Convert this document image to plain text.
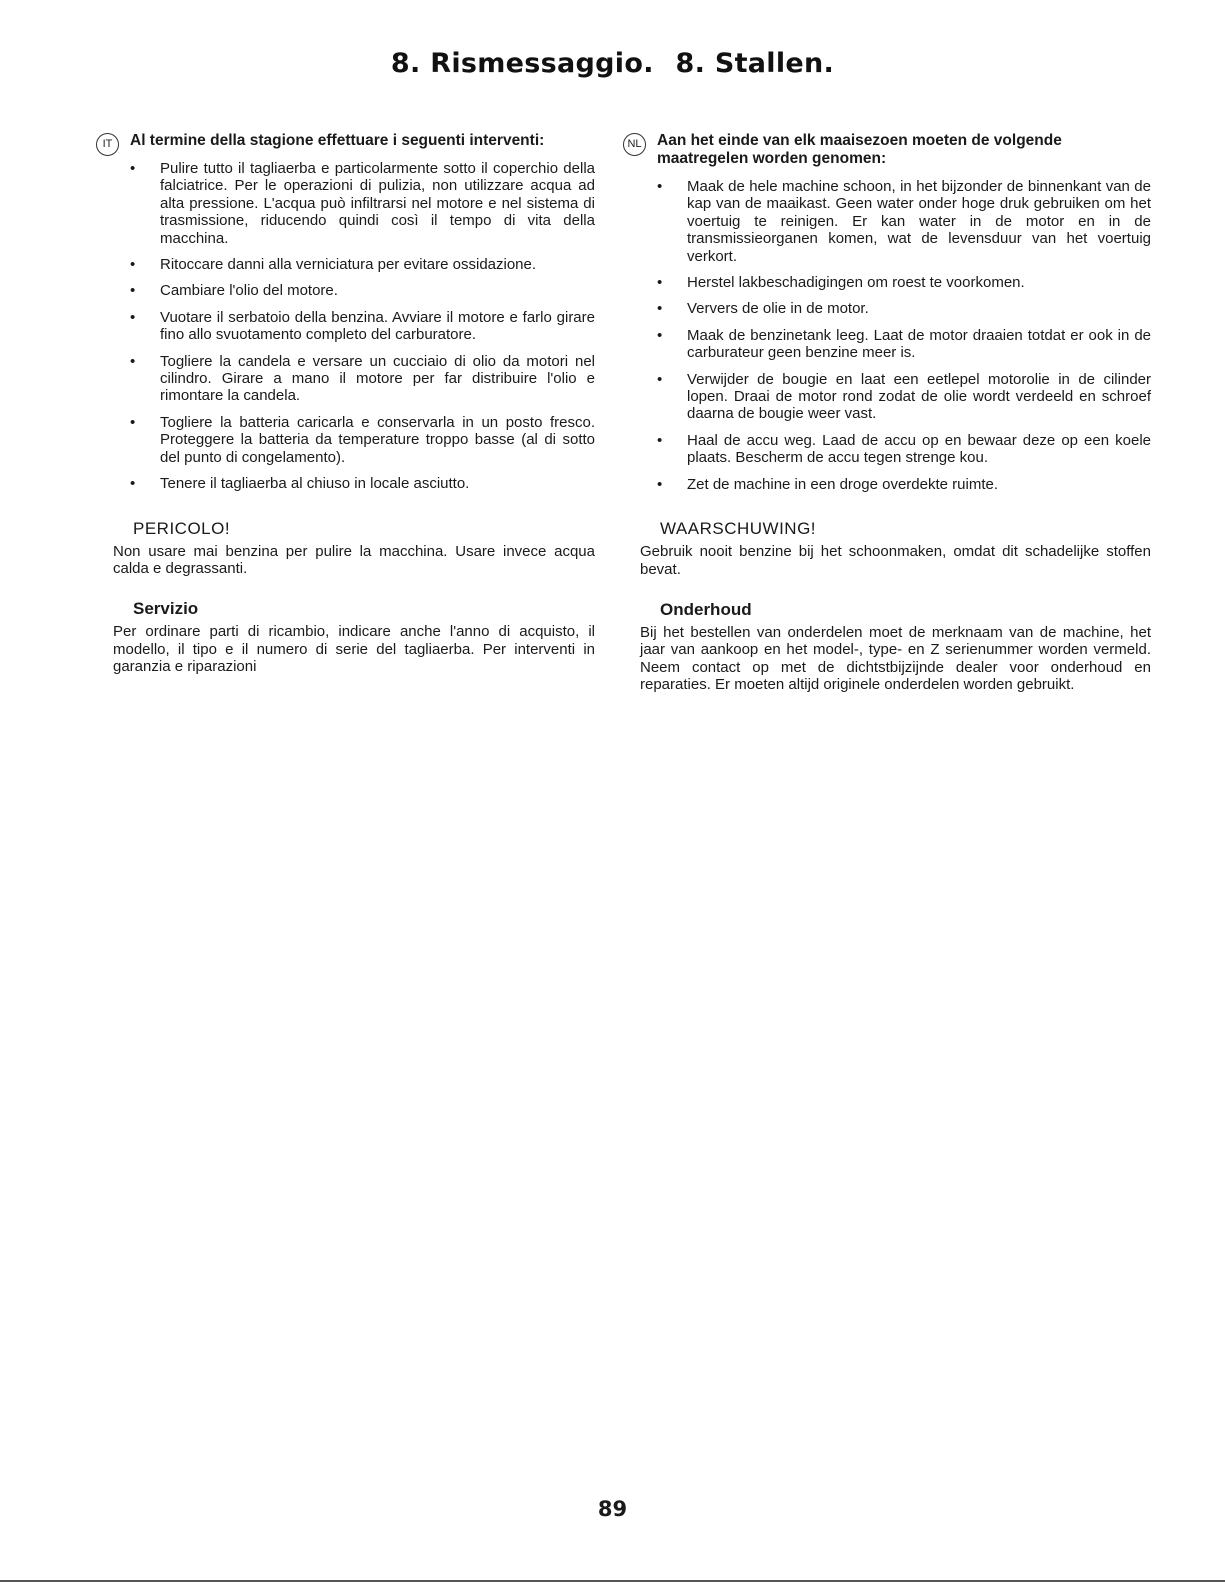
8. Rismessaggio. 8. Stallen.
IT	Al termine della stagione effettuare i seguenti interventi:
• Pulire tutto il tagliaerba e particolarmente sotto il coperchio della falciatrice. Per le operazioni di pulizia, non utilizzare acqua ad alta pressione. L'acqua può infiltrarsi nel motore e nel sistema di trasmissione, riducendo quindi così il tempo di vita della macchina.
• Ritoccare danni alla verniciatura per evitare ossidazione.
• Cambiare l'olio del motore.
• Vuotare il serbatoio della benzina. Avviare il motore e farlo girare fino allo svuotamento completo del carburatore.
• Togliere la candela e versare un cucciaio di olio da motori nel cilindro. Girare a mano il motore per far distribuire l'olio e rimontare la candela.
• Togliere la batteria caricarla e conservarla in un posto fresco. Proteggere la batteria da temperature troppo basse (al di sotto del punto di congelamento).
• Tenere il tagliaerba al chiuso in locale asciutto.
PERICOLO!

Non usare mai benzina per pulire la macchina. Usare invece acqua calda e degrassanti.

Servizio

Per ordinare parti di ricambio, indicare anche l'anno di acquisto, il modello, il tipo e il numero di serie del tagliaerba. Per interventi in garanzia e riparazioni

NL Aan het einde van elk maaisezoen moeten de volgende maatregelen worden genomen:
• Maak de hele machine schoon, in het bijzonder de binnenkant van de kap van de maaikast. Geen water onder hoge druk gebruiken om het voertuig te reinigen. Er kan water in de motor en in de transmissieorganen komen, wat de levensduur van het voertuig verkort.
• Herstel lakbeschadigingen om roest te voorkomen.
• Ververs de olie in de motor.
• Maak de benzinetank leeg. Laat de motor draaien totdat er ook in de carburateur geen benzine meer is.
• Verwijder de bougie en laat een eetlepel motorolie in de cilinder lopen. Draai de motor rond zodat de olie wordt verdeeld en schroef daarna de bougie weer vast.
• Haal de accu weg. Laad de accu op en bewaar deze op een koele plaats. Bescherm de accu tegen strenge kou.
• Zet de machine in een droge overdekte ruimte.
WAARSCHUWING!

Gebruik nooit benzine bij het schoonmaken, omdat dit schadelijke stoffen bevat.

Onderhoud

Bij het bestellen van onderdelen moet de merknaam van de machine, het jaar van aankoop en het model-, type- en Z serienummer worden vermeld. Neem contact op met de dichtstbijzijnde dealer voor onderhoud en reparaties. Er moeten altijd originele onderdelen worden gebruikt.

89
